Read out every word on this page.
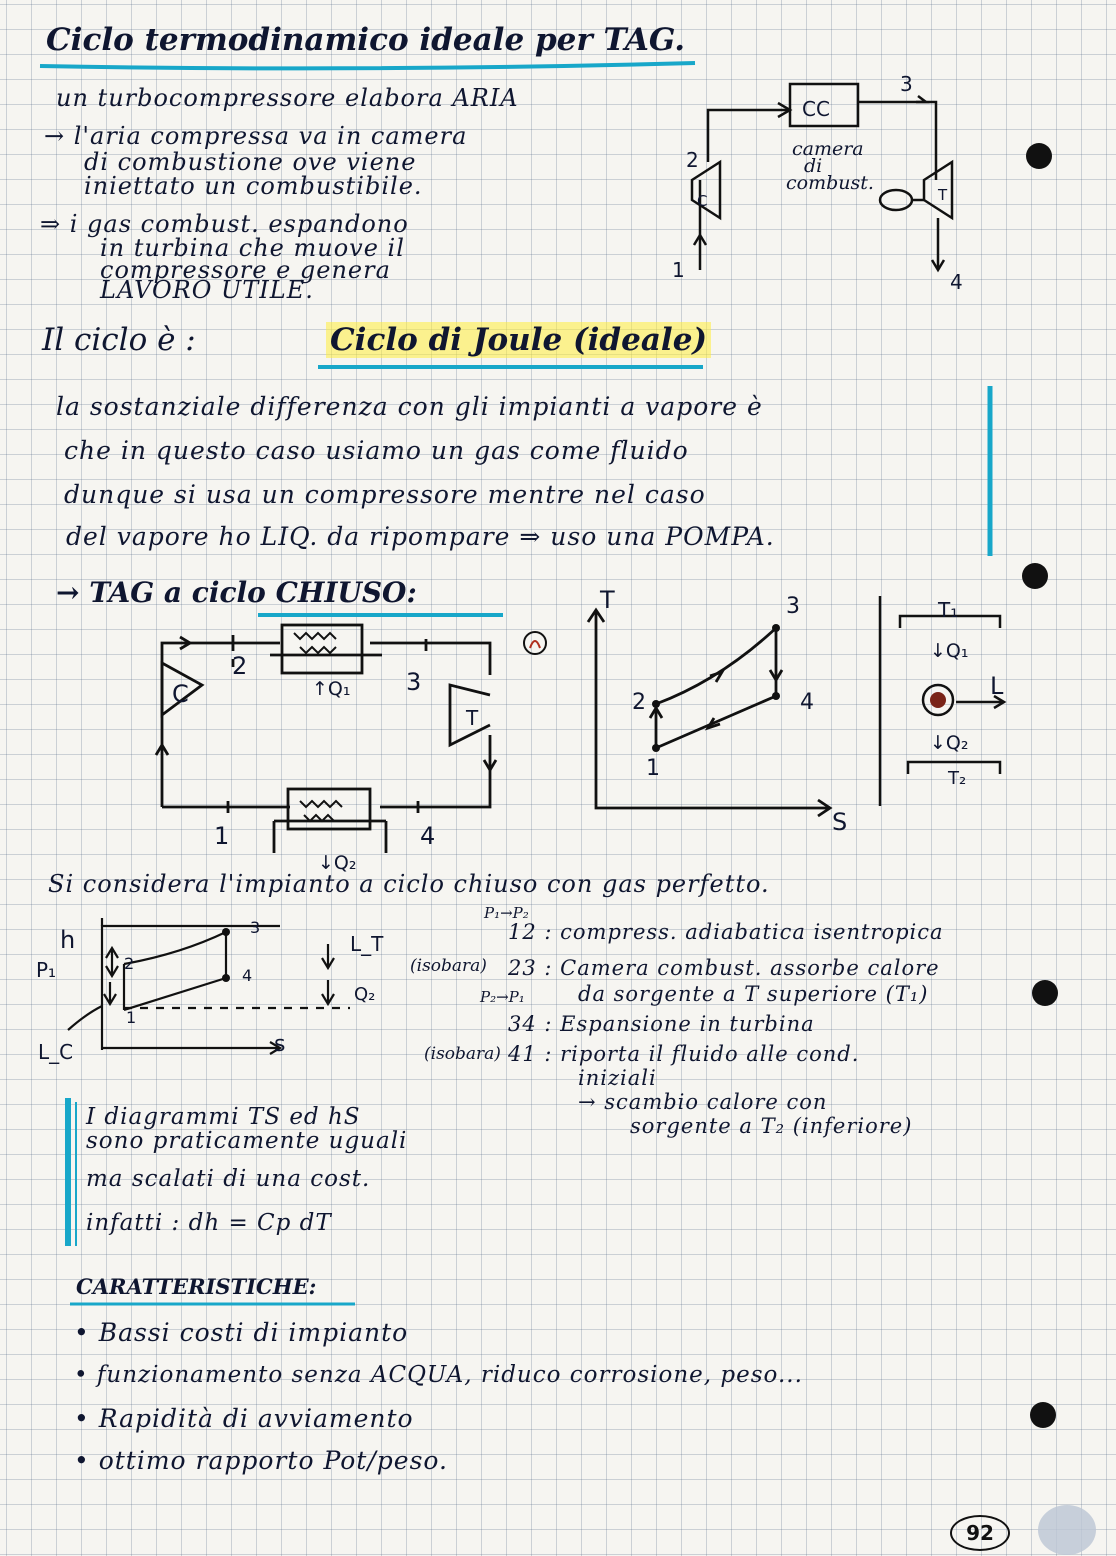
Ciclo termodinamico ideale per TAG.
un turbocompressore elabora ARIA
→ l'aria compressa va in camera
di combustione ove viene
iniettato un combustibile.
⇒ i gas combust. espandono
in turbina che muove il
compressore e genera
LAVORO UTILE.
CC
camera
di
combust.
C	T
1
2
3
4
Il ciclo è :	Ciclo di Joule (ideale)
la sostanziale differenza con gli impianti a vapore è
che in questo caso usiamo un gas come fluido
dunque si usa un compressore mentre nel caso
del vapore ho LIQ. da ripompare ⇒ uso una POMPA.
→ TAG a ciclo CHIUSO:
C
T
1
2
3
4
↑Q₁
↓Q₂
T
S
1
2
3
4
T₁
↓Q₁
L
↓Q₂
T₂
Si considera l'impianto a ciclo chiuso con gas perfetto.
h
s
P₁
L_C
L_T
Q₂
1
2
3
4
P₁→P₂
12 : compress. adiabatica isentropica
(isobara) 23 : Camera combust. assorbe calore
da sorgente a T superiore (T₁)
P₂→P₁
34 : Espansione in turbina
(isobara) 41 : riporta il fluido alle cond.
iniziali
→ scambio calore con
sorgente a T₂ (inferiore)
I diagrammi TS ed hS
sono praticamente uguali
ma scalati di una cost.
infatti : dh = Cp dT
CARATTERISTICHE:
• Bassi costi di impianto
• funzionamento senza ACQUA, riduco corrosione, peso...
• Rapidità di avviamento
• ottimo rapporto Pot/peso.
92
